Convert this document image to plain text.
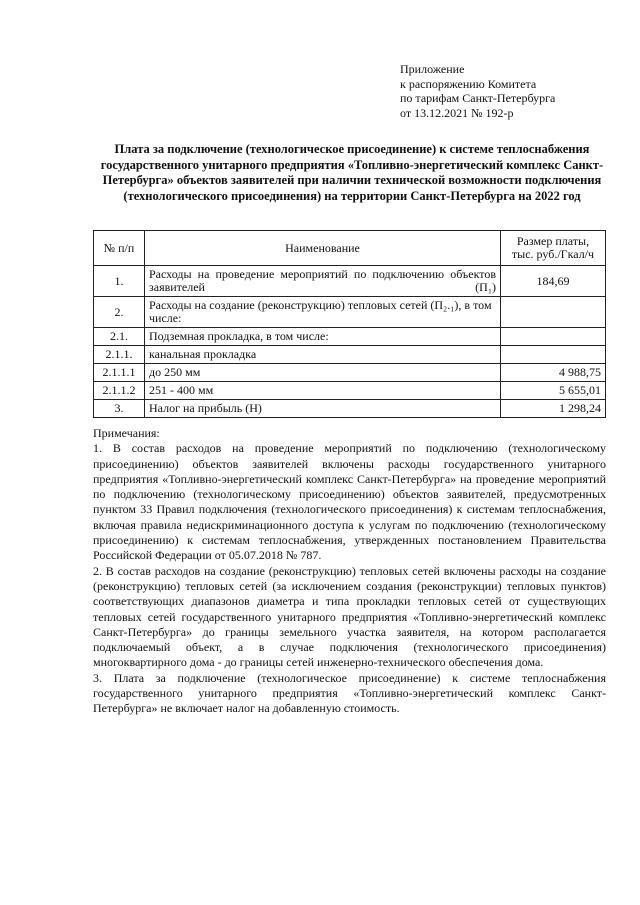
Приложение
к распоряжению Комитета
по тарифам Санкт-Петербурга
от 13.12.2021 № 192-р
Плата за подключение (технологическое присоединение) к системе теплоснабжения государственного унитарного предприятия «Топливно-энергетический комплекс Санкт-Петербурга» объектов заявителей при наличии технической возможности подключения (технологического присоединения) на территории Санкт-Петербурга на 2022 год
№ п/п	Наименование	Размер платы, тыс. руб./Гкал/ч
1.	Расходы на проведение мероприятий по подключению объектов заявителей (П₁)	184,69
2.	Расходы на создание (реконструкцию) тепловых сетей (П₂.₁), в том числе:	
2.1.	Подземная прокладка, в том числе:	
2.1.1.	канальная прокладка	
2.1.1.1	до 250 мм	4 988,75
2.1.1.2	251 - 400 мм	5 655,01
3.	Налог на прибыль (Н)	1 298,24

Примечания:

1. В состав расходов на проведение мероприятий по подключению (технологическому присоединению) объектов заявителей включены расходы государственного унитарного предприятия «Топливно-энергетический комплекс Санкт-Петербурга» на проведение мероприятий по подключению (технологическому присоединению) объектов заявителей, предусмотренных пунктом 33 Правил подключения (технологического присоединения) к системам теплоснабжения, включая правила недискриминационного доступа к услугам по подключению (технологическому присоединению) к системам теплоснабжения, утвержденных постановлением Правительства Российской Федерации от 05.07.2018 № 787.

2. В состав расходов на создание (реконструкцию) тепловых сетей включены расходы на создание (реконструкцию) тепловых сетей (за исключением создания (реконструкции) тепловых пунктов) соответствующих диапазонов диаметра и типа прокладки тепловых сетей от существующих тепловых сетей государственного унитарного предприятия «Топливно-энергетический комплекс Санкт-Петербурга» до границы земельного участка заявителя, на котором располагается подключаемый объект, а в случае подключения (технологического присоединения) многоквартирного дома - до границы сетей инженерно-технического обеспечения дома.

3. Плата за подключение (технологическое присоединение) к системе теплоснабжения государственного унитарного предприятия «Топливно-энергетический комплекс Санкт-Петербурга» не включает налог на добавленную стоимость.
